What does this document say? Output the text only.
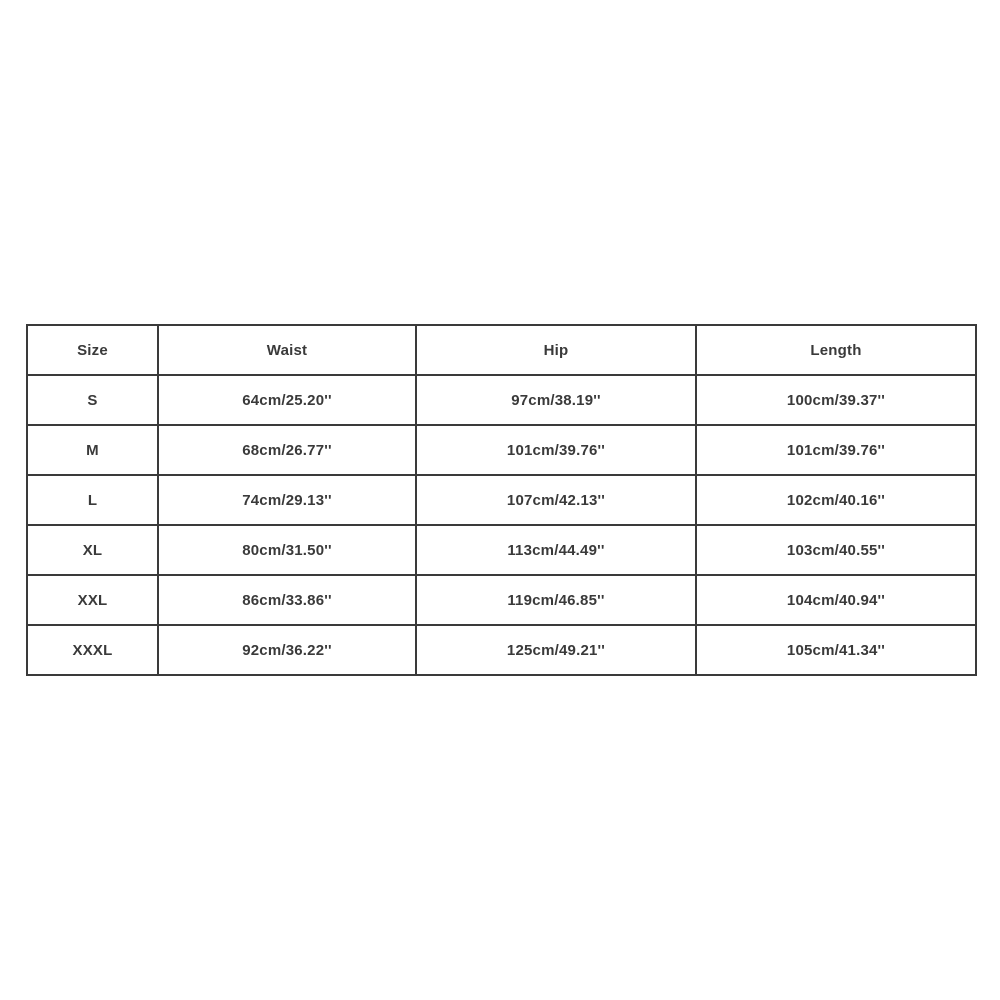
Size	Waist	Hip	Length
S	64cm/25.20''	97cm/38.19''	100cm/39.37''
M	68cm/26.77''	101cm/39.76''	101cm/39.76''
L	74cm/29.13''	107cm/42.13''	102cm/40.16''
XL	80cm/31.50''	113cm/44.49''	103cm/40.55''
XXL	86cm/33.86''	119cm/46.85''	104cm/40.94''
XXXL	92cm/36.22''	125cm/49.21''	105cm/41.34''
